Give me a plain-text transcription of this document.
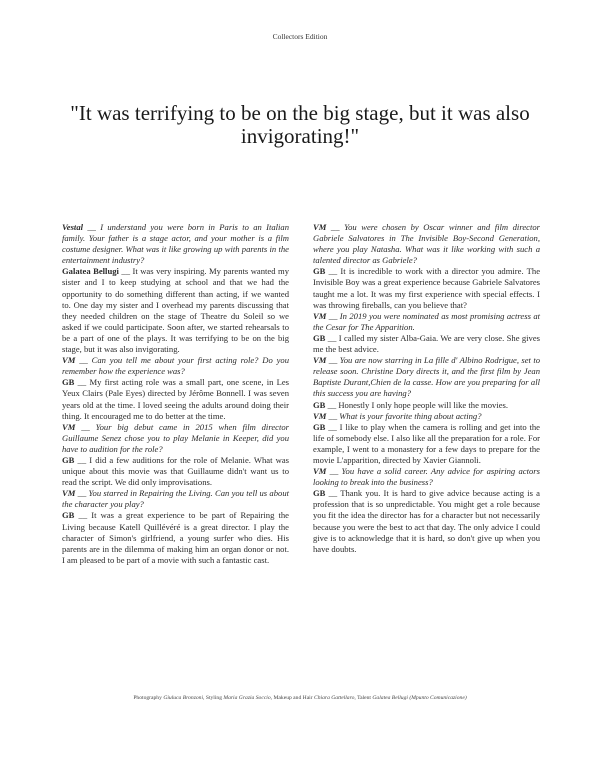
Collectors Edition
"It was terrifying to be on the big stage, but it was also invigorating!"

Vestal __ I understand you were born in Paris to an Italian family. Your father is a stage actor, and your mother is a film costume designer. What was it like growing up with parents in the entertainment industry?

Galatea Bellugi __ It was very inspiring. My parents wanted my sister and I to keep studying at school and that we had the opportunity to do something different than acting, if we wanted to. One day my sister and I overhead my parents discussing that they needed children on the stage of Theatre du Soleil so we asked if we could participate. Soon after, we started rehearsals to be a part of one of the plays. It was terrifying to be on the big stage, but it was also invigorating.

VM __ Can you tell me about your first acting role? Do you remember how the experience was?

GB __ My first acting role was a small part, one scene, in Les Yeux Clairs (Pale Eyes) directed by Jérôme Bonnell. I was seven years old at the time. I loved seeing the adults around doing their thing. It encouraged me to do better at the time.

VM __ Your big debut came in 2015 when film director Guillaume Senez chose you to play Melanie in Keeper, did you have to audition for the role?

GB __ I did a few auditions for the role of Melanie. What was unique about this movie was that Guillaume didn't want us to read the script. We did only improvisations.

VM __ You starred in Repairing the Living. Can you tell us about the character you play?

GB __ It was a great experience to be part of Repairing the Living because Katell Quillévéré is a great director. I play the character of Simon's girlfriend, a young surfer who dies. His parents are in the dilemma of making him an organ donor or not. I am pleased to be part of a movie with such a fantastic cast.

VM __ You were chosen by Oscar winner and film director Gabriele Salvatores in The Invisible Boy-Second Generation, where you play Natasha. What was it like working with such a talented director as Gabriele?

GB __ It is incredible to work with a director you admire. The Invisible Boy was a great experience because Gabriele Salvatores taught me a lot. It was my first experience with special effects. I was throwing fireballs, can you believe that?

VM __ In 2019 you were nominated as most promising actress at the Cesar for The Apparition.

GB __ I called my sister Alba-Gaia. We are very close. She gives me the best advice.

VM __ You are now starring in La fille d' Albino Rodrigue, set to release soon. Christine Dory directs it, and the first film by Jean Baptiste Durant,Chien de la casse. How are you preparing for all this success you are having?

GB __ Honestly I only hope people will like the movies.

VM __ What is your favorite thing about acting?

GB __ I like to play when the camera is rolling and get into the life of somebody else. I also like all the preparation for a role. For example, I went to a monastery for a few days to prepare for the movie L'apparition, directed by Xavier Giannoli.

VM __ You have a solid career. Any advice for aspiring actors looking to break into the business?

GB __ Thank you. It is hard to give advice because acting is a profession that is so unpredictable. You might get a role because you fit the idea the director has for a character but not necessarily because you were the best to act that day. The only advice I could give is to acknowledge that it is hard, so don't give up when you have doubts.

Photography Giuluca Bronzoni, Styling Maria Grazia Soccio, Makeup and Hair Chiara Gattellaro, Talent Galatea Bellugi (Mpunto Comunicazione)
